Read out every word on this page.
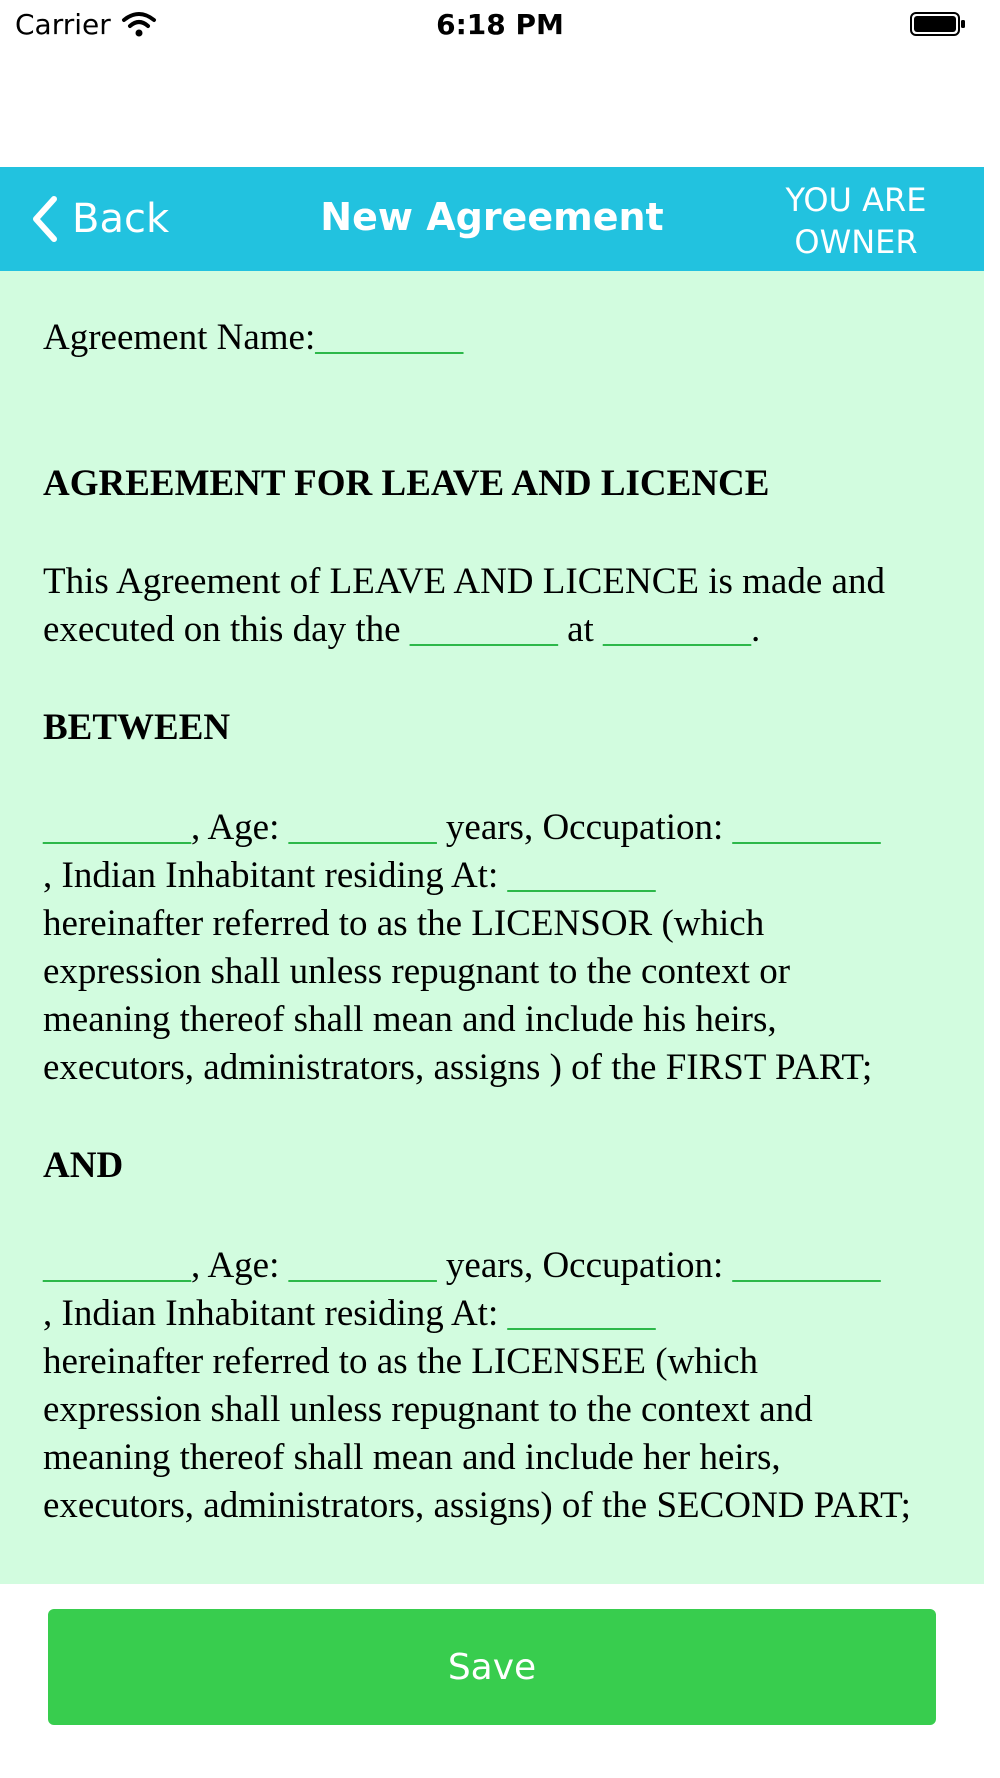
Carrier	6:18 PM
Back	New Agreement	YOU ARE
OWNER

Agreement Name:________

AGREEMENT FOR LEAVE AND LICENCE

This Agreement of LEAVE AND LICENCE is made and

executed on this day the ________ at ________.

BETWEEN

________, Age: ________ years, Occupation: ________

, Indian Inhabitant residing At: ________

hereinafter referred to as the LICENSOR (which

expression shall unless repugnant to the context or

meaning thereof shall mean and include his heirs,

executors, administrators, assigns ) of the FIRST PART;

AND

________, Age: ________ years, Occupation: ________

, Indian Inhabitant residing At: ________

hereinafter referred to as the LICENSEE (which

expression shall unless repugnant to the context and

meaning thereof shall mean and include her heirs,

executors, administrators, assigns) of the SECOND PART;

Save
